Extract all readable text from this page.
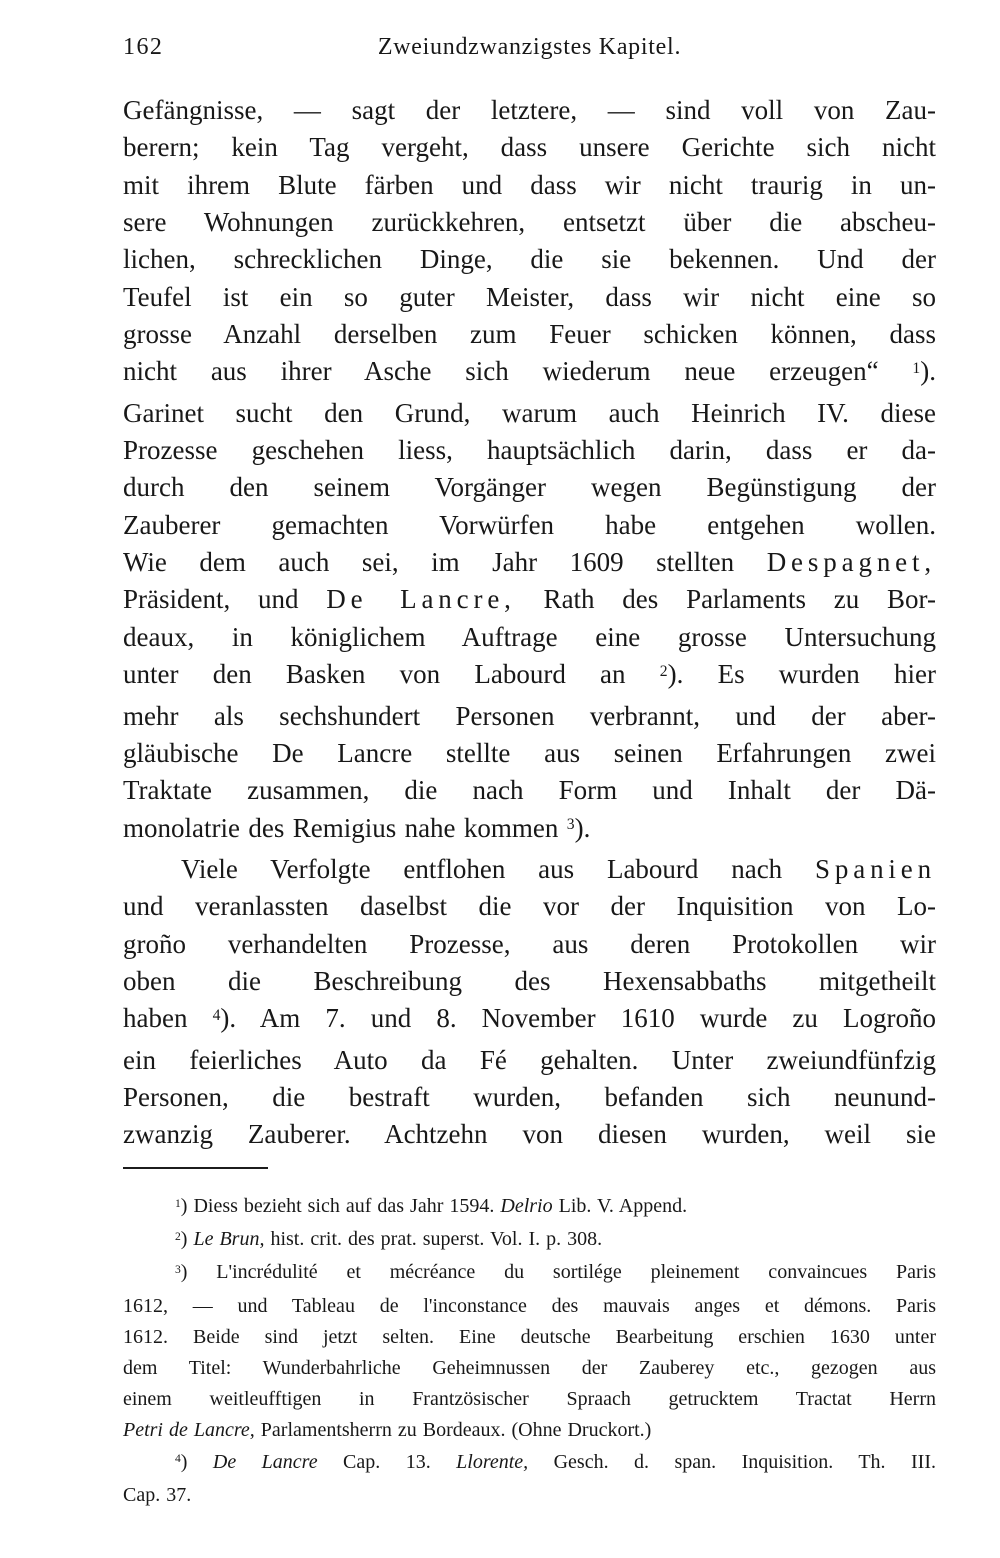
162	Zweiundzwanzigstes Kapitel.
Gefängnisse, — sagt der letztere, — sind voll von Zau-
berern; kein Tag vergeht, dass unsere Gerichte sich nicht
mit ihrem Blute färben und dass wir nicht traurig in un-
sere Wohnungen zurückkehren, entsetzt über die abscheu-
lichen, schrecklichen Dinge, die sie bekennen. Und der
Teufel ist ein so guter Meister, dass wir nicht eine so
grosse Anzahl derselben zum Feuer schicken können, dass
nicht aus ihrer Asche sich wiederum neue erzeugen“ $^1$).
Garinet sucht den Grund, warum auch Heinrich IV. diese
Prozesse geschehen liess, hauptsächlich darin, dass er da-
durch den seinem Vorgänger wegen Begünstigung der
Zauberer gemachten Vorwürfen habe entgehen wollen.
Wie dem auch sei, im Jahr 1609 stellten Despagnet,
Präsident, und De Lancre, Rath des Parlaments zu Bor-
deaux, in königlichem Auftrage eine grosse Untersuchung
unter den Basken von Labourd an $^2$). Es wurden hier
mehr als sechshundert Personen verbrannt, und der aber-
gläubische De Lancre stellte aus seinen Erfahrungen zwei
Traktate zusammen, die nach Form und Inhalt der Dä-
monolatrie des Remigius nahe kommen $^3$).
Viele Verfolgte entflohen aus Labourd nach Spanien
und veranlassten daselbst die vor der Inquisition von Lo-
groño verhandelten Prozesse, aus deren Protokollen wir
oben die Beschreibung des Hexensabbaths mitgetheilt
haben $^4$). Am 7. und 8. November 1610 wurde zu Logroño
ein feierliches Auto da Fé gehalten. Unter zweiundfünfzig
Personen, die bestraft wurden, befanden sich neunund-
zwanzig Zauberer. Achtzehn von diesen wurden, weil sie
$^1$) Diess bezieht sich auf das Jahr 1594. Delrio Lib. V. Append.
$^2$) Le Brun, hist. crit. des prat. superst. Vol. I. p. 308.
$^3$) L'incrédulité et mécréance du sortilége pleinement convaincues Paris
1612, — und Tableau de l'inconstance des mauvais anges et démons. Paris
1612. Beide sind jetzt selten. Eine deutsche Bearbeitung erschien 1630 unter
dem Titel: Wunderbahrliche Geheimnussen der Zauberey etc., gezogen aus
einem weitleufftigen in Frantzösischer Spraach getrucktem Tractat Herrn
Petri de Lancre, Parlamentsherrn zu Bordeaux. (Ohne Druckort.)
$^4$) De Lancre Cap. 13. Llorente, Gesch. d. span. Inquisition. Th. III.
Cap. 37.
